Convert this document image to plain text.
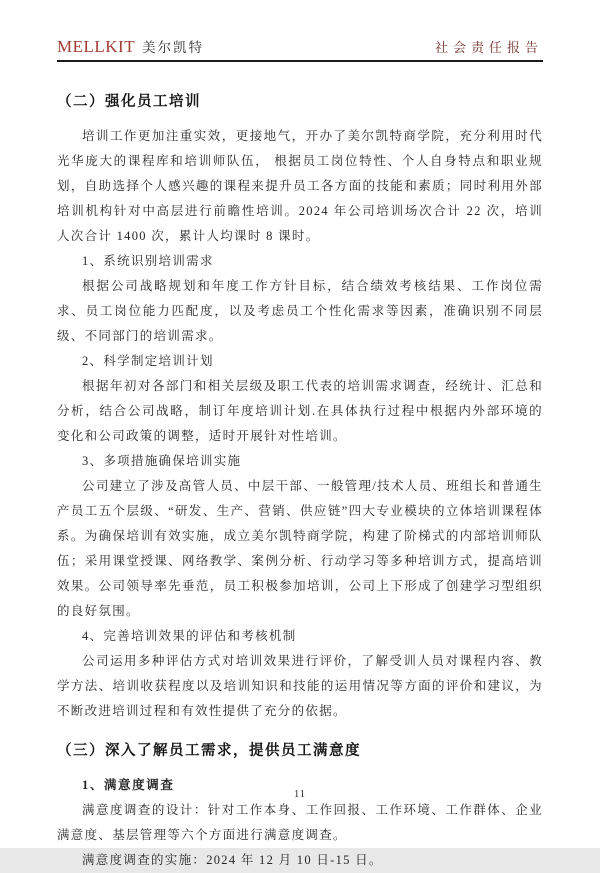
MELLKIT 美尔凯特	社会责任报告
（二）强化员工培训

培训工作更加注重实效，更接地气，开办了美尔凯特商学院，充分利用时代光华庞大的课程库和培训师队伍， 根据员工岗位特性、个人自身特点和职业规划，自助选择个人感兴趣的课程来提升员工各方面的技能和素质；同时利用外部培训机构针对中高层进行前瞻性培训。2024 年公司培训场次合计 22 次，培训人次合计 1400 次，累计人均课时 8 课时。

1、系统识别培训需求

根据公司战略规划和年度工作方针目标，结合绩效考核结果、工作岗位需求、员工岗位能力匹配度，以及考虑员工个性化需求等因素，准确识别不同层级、不同部门的培训需求。

2、科学制定培训计划

根据年初对各部门和相关层级及职工代表的培训需求调查，经统计、汇总和分析，结合公司战略，制订年度培训计划.在具体执行过程中根据内外部环境的变化和公司政策的调整，适时开展针对性培训。

3、多项措施确保培训实施

公司建立了涉及高管人员、中层干部、一般管理/技术人员、班组长和普通生产员工五个层级、“研发、生产、营销、供应链”四大专业模块的立体培训课程体系。为确保培训有效实施，成立美尔凯特商学院，构建了阶梯式的内部培训师队伍；采用课堂授课、网络教学、案例分析、行动学习等多种培训方式，提高培训效果。公司领导率先垂范，员工积极参加培训，公司上下形成了创建学习型组织的良好氛围。

4、完善培训效果的评估和考核机制

公司运用多种评估方式对培训效果进行评价，了解受训人员对课程内容、教学方法、培训收获程度以及培训知识和技能的运用情况等方面的评价和建议，为不断改进培训过程和有效性提供了充分的依据。

（三）深入了解员工需求，提供员工满意度

1、满意度调查

满意度调查的设计：针对工作本身、工作回报、工作环境、工作群体、企业满意度、基层管理等六个方面进行满意度调查。

满意度调查的实施：2024 年 12 月 10 日-15 日。

11
